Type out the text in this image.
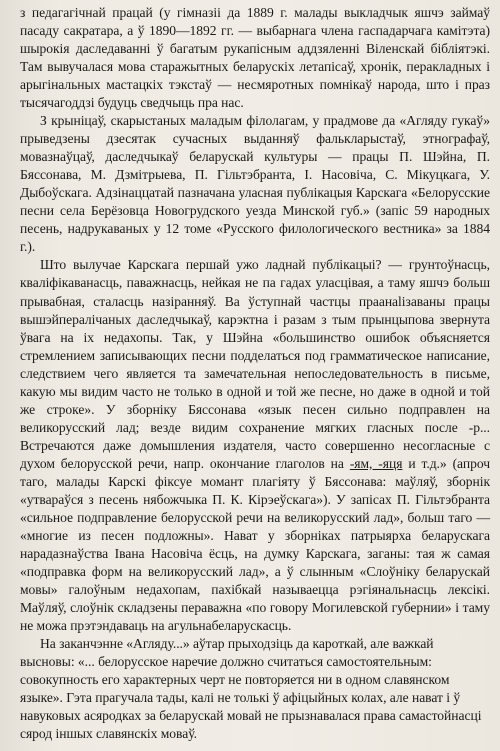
з педагагічнай працай (у гімназіі да 1889 г. малады выкладчык яшчэ займаў пасаду сакратара, а ў 1890—1892 гг. — выбарнага члена гаспадарчага камітэта) шырокія даследаванні ў багатым рукапісным аддзяленні Віленскай бібліятэкі. Там вывучалася мова старажытных беларускіх летапісаў, хронік, перакладных і арыгінальных мастацкіх тэкстаў — несмяротных помнікаў народа, што і праз тысячагоддзі будуць сведчыць пра нас.

З крыніцаў, скарыстаных маладым філолагам, у прадмове да «Агляду гукаў» прыведзены дзесятак сучасных выданняў фалькларыстаў, этнографаў, мовазнаўцаў, даследчыкаў беларускай культуры — працы П. Шэйна, П. Бяссонава, М. Дзмітрыева, П. Гільтэбранта, І. Насовіча, С. Мікуцкага, У. Дыбоўскага. Адзінаццатай пазначана уласная публікацыя Карскага «Белорусские песни села Берёзовца Новогрудского уезда Минской губ.» (запіс 59 народных песень, надрукаваных у 12 томе «Русского филологического вестника» за 1884 г.).

Што вылучае Карскага першай ужо ладнай публікацыі? — грунтоўнасць, кваліфікаванасць, паважнасць, нейкая не па гадах уласцівая, а таму яшчэ больш прывабная, сталасць назіранняў. Ва ўступнай частцы праанalізаваны працы вышэйпералічаных даследчыкаў, карэктна і разам з тым прынцыпова звернута ўвага на іх недахопы. Так, у Шэйна «большинство ошибок объясняется стремлением записывающих песни подделаться под грамматическое написание, следствием чего является та замечательная непоследовательность в письме, какую мы видим часто не только в одной и той же песне, но даже в одной и той же строке». У зборніку Бяссонава «язык песен сильно подправлен на великорусский лад; везде видим сохранение мягких гласных после -р... Встречаются даже домышления издателя, часто совершенно несогласные с духом белорусской речи, напр. окончание глаголов на -ям, -яця и т.д.» (апроч таго, малады Карскі фіксуе момант плагіяту ў Бяссонава: маўляў, зборнік «утвараўся з песень нябожчыка П. К. Кірэеўскага»). У запісах П. Гільтэбранта «сильное подправление белорусской речи на великорусский лад», больш таго — «многие из песен подложны». Нават у зборніках патрыярха беларускага нарадазнаўства Івана Насовіча ёсць, на думку Карскага, заганы: тая ж самая «подправка форм на великорусский лад», а ў слынным «Слоўніку беларускай мовы» галоўным недахопам, пахібкай называецца рэгіянальнасць лексікі. Маўляў, слоўнік складзены пераважна «по говору Могилевской губернии» і таму не можа прэтэндаваць на агульнабеларускасць.

На заканчэнне «Агляду...» аўтар прыходзіць да кароткай, але важкай высновы: «... белорусское наречие должно считаться самостоятельным: совокупность его характерных черт не повторяется ни в одном славянском языке». Гэта прагучала тады, калі не толькі ў афіцыйных колах, але нават і ў навуковых асяродках за беларускай мовай не прызнавалася права самастойнасці сярод іншых славянскіх моваў.
